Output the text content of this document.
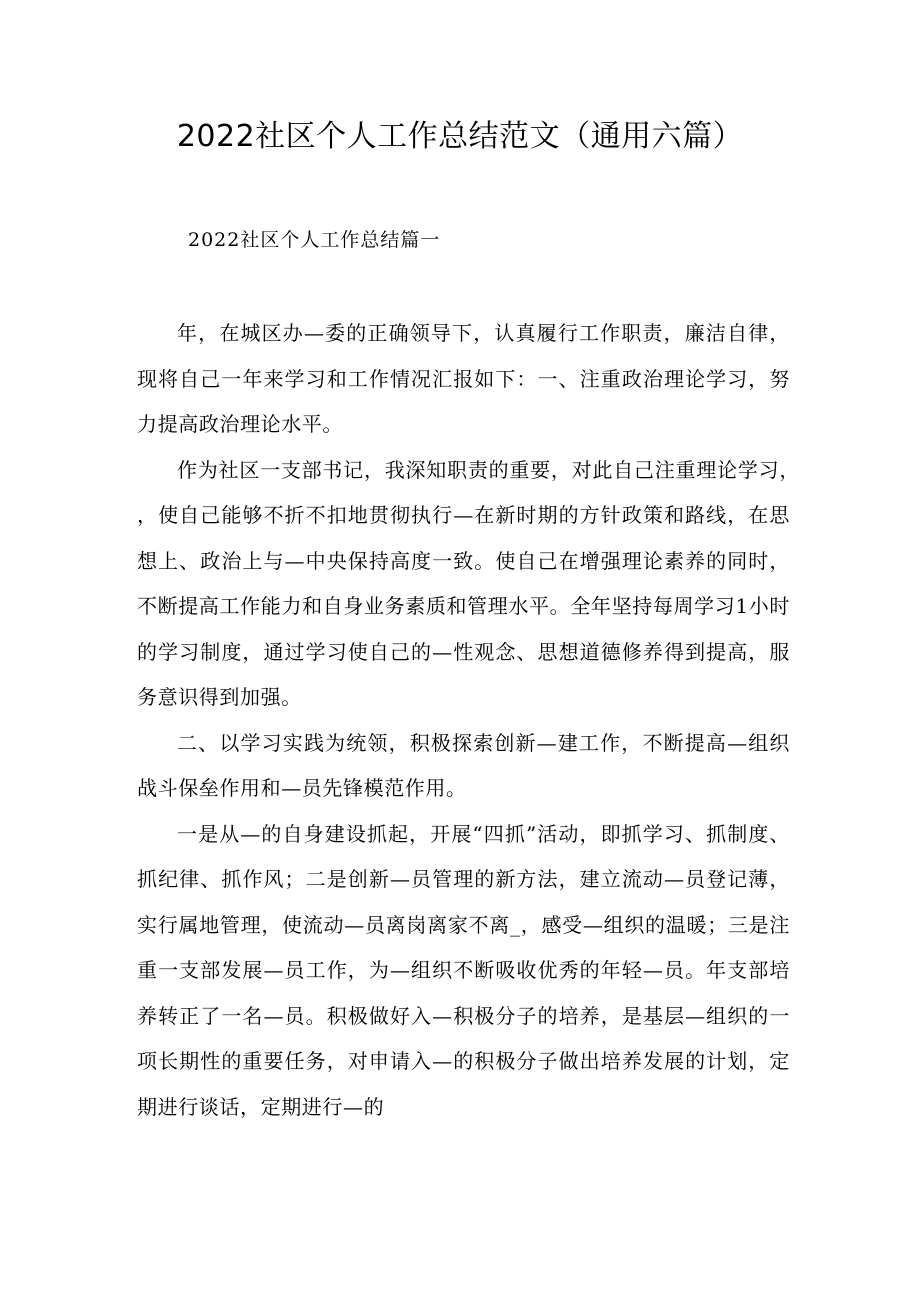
2022社区个人工作总结范文（通用六篇）
2022社区个人工作总结篇一

年，在城区办—委的正确领导下，认真履行工作职责，廉洁自律，现将自己一年来学习和工作情况汇报如下：一、注重政治理论学习，努力提高政治理论水平。

作为社区一支部书记，我深知职责的重要，对此自己注重理论学习，，使自己能够不折不扣地贯彻执行—在新时期的方针政策和路线，在思想上、政治上与—中央保持高度一致。使自己在增强理论素养的同时，不断提高工作能力和自身业务素质和管理水平。全年坚持每周学习1小时的学习制度，通过学习使自己的—性观念、思想道德修养得到提高，服务意识得到加强。

二、以学习实践为统领，积极探索创新—建工作，不断提高—组织战斗保垒作用和—员先锋模范作用。

一是从—的自身建设抓起，开展“四抓”活动，即抓学习、抓制度、抓纪律、抓作风；二是创新—员管理的新方法，建立流动—员登记薄，实行属地管理，使流动—员离岗离家不离_，感受—组织的温暖；三是注重一支部发展—员工作，为—组织不断吸收优秀的年轻—员。年支部培养转正了一名—员。积极做好入—积极分子的培养，是基层—组织的一项长期性的重要任务，对申请入—的积极分子做出培养发展的计划，定期进行谈话，定期进行—的
